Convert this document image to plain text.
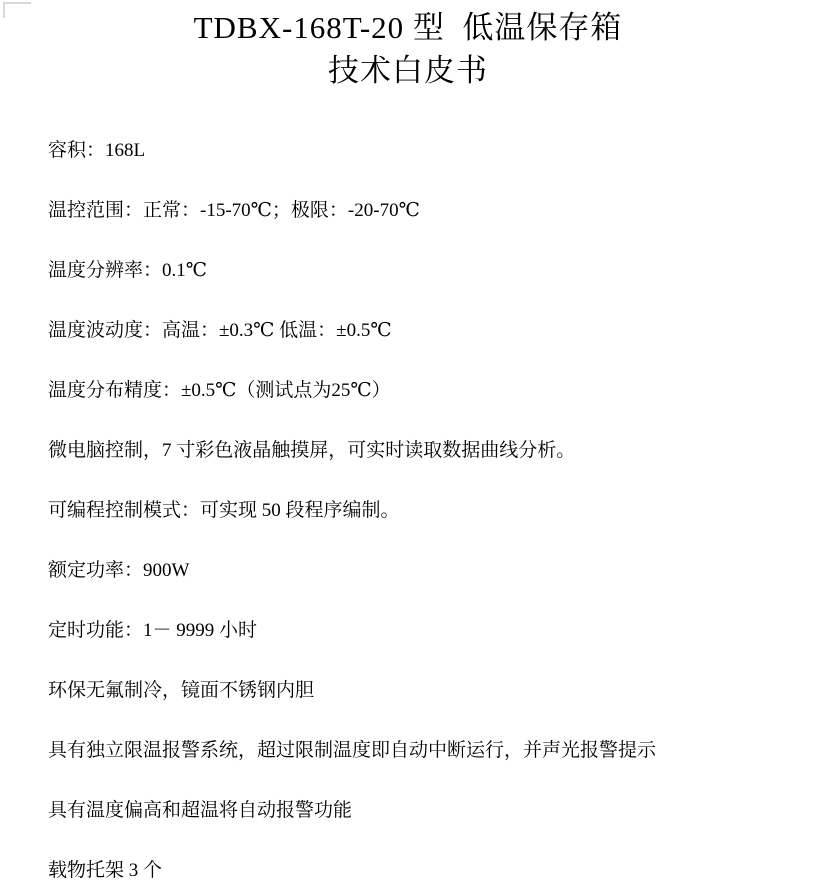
TDBX-168T-20 型  低温保存箱
技术白皮书

容积：168L

温控范围：正常：-15-70℃；极限：-20-70℃

温度分辨率：0.1℃

温度波动度：高温：±0.3℃ 低温：±0.5℃

温度分布精度：±0.5℃（测试点为25℃）

微电脑控制，7 寸彩色液晶触摸屏，可实时读取数据曲线分析。

可编程控制模式：可实现 50 段程序编制。

额定功率：900W

定时功能：1－ 9999 小时

环保无氟制冷，镜面不锈钢内胆

具有独立限温报警系统，超过限制温度即自动中断运行，并声光报警提示

具有温度偏高和超温将自动报警功能

载物托架 3 个
